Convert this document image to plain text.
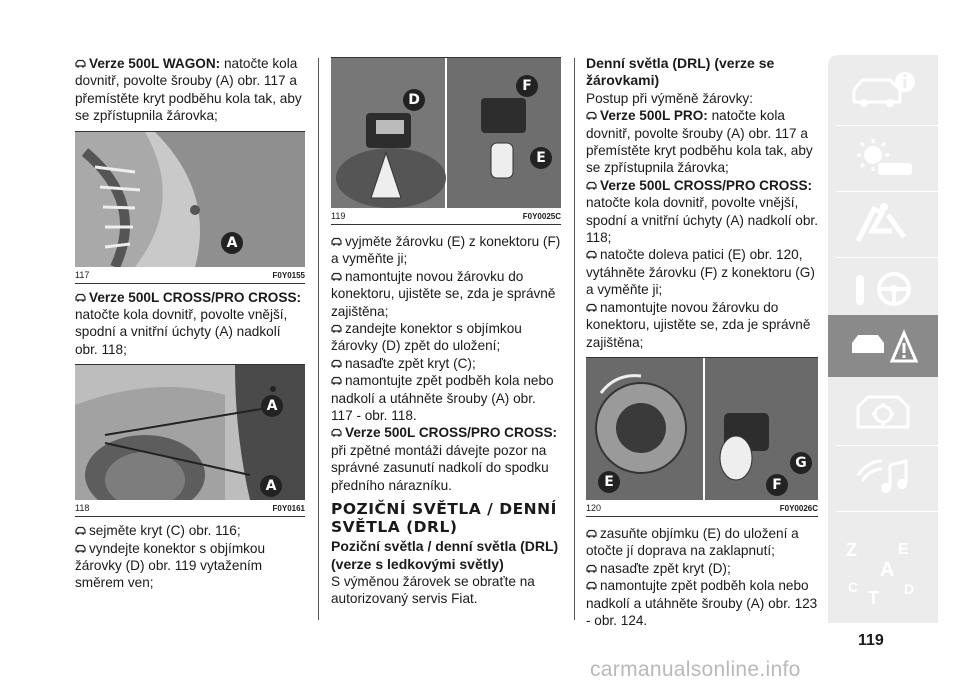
Verze 500L WAGON: natočte kola dovnitř, povolte šrouby (A) obr. 117 a přemístěte kryt podběhu kola tak, aby se zpřístupnila žárovka;

A
117	F0Y0155

Verze 500L CROSS/PRO CROSS:
natočte kola dovnitř, povolte vnější, spodní a vnitřní úchyty (A) nadkolí obr. 118;

A
A
118	F0Y0161

sejměte kryt (C) obr. 116;

vyndejte konektor s objímkou žárovky (D) obr. 119 vytažením směrem ven;

D
F
E
119	F0Y0025C

vyjměte žárovku (E) z konektoru (F) a vyměňte ji;

namontujte novou žárovku do konektoru, ujistěte se, zda je správně zajištěna;

zandejte konektor s objímkou žárovky (D) zpět do uložení;

nasaďte zpět kryt (C);

namontujte zpět podběh kola nebo nadkolí a utáhněte šrouby (A) obr. 117 - obr. 118.

Verze 500L CROSS/PRO CROSS:
při zpětné montáži dávejte pozor na správné zasunutí nadkolí do spodku předního nárazníku.

POZIČNÍ SVĚTLA / DENNÍ SVĚTLA (DRL)

Poziční světla / denní světla (DRL) (verze s ledkovými světly)

S výměnou žárovek se obraťte na autorizovaný servis Fiat.

Denní světla (DRL) (verze se žárovkami)

Postup při výměně žárovky:

Verze 500L PRO: natočte kola dovnitř, povolte šrouby (A) obr. 117 a přemístěte kryt podběhu kola tak, aby se zpřístupnila žárovka;

Verze 500L CROSS/PRO CROSS:
natočte kola dovnitř, povolte vnější, spodní a vnitřní úchyty (A) nadkolí obr. 118;

natočte doleva patici (E) obr. 120, vytáhněte žárovku (F) z konektoru (G) a vyměňte ji;

namontujte novou žárovku do konektoru, ujistěte se, zda je správně zajištěna;

G
E	F
120	F0Y0026C

zasuňte objímku (E) do uložení a otočte jí doprava na zaklapnutí;

nasaďte zpět kryt (D);

namontujte zpět podběh kola nebo nadkolí a utáhněte šrouby (A) obr. 123 - obr. 124.

Z	E
A
T
C	D
119
carmanualsonline.info
